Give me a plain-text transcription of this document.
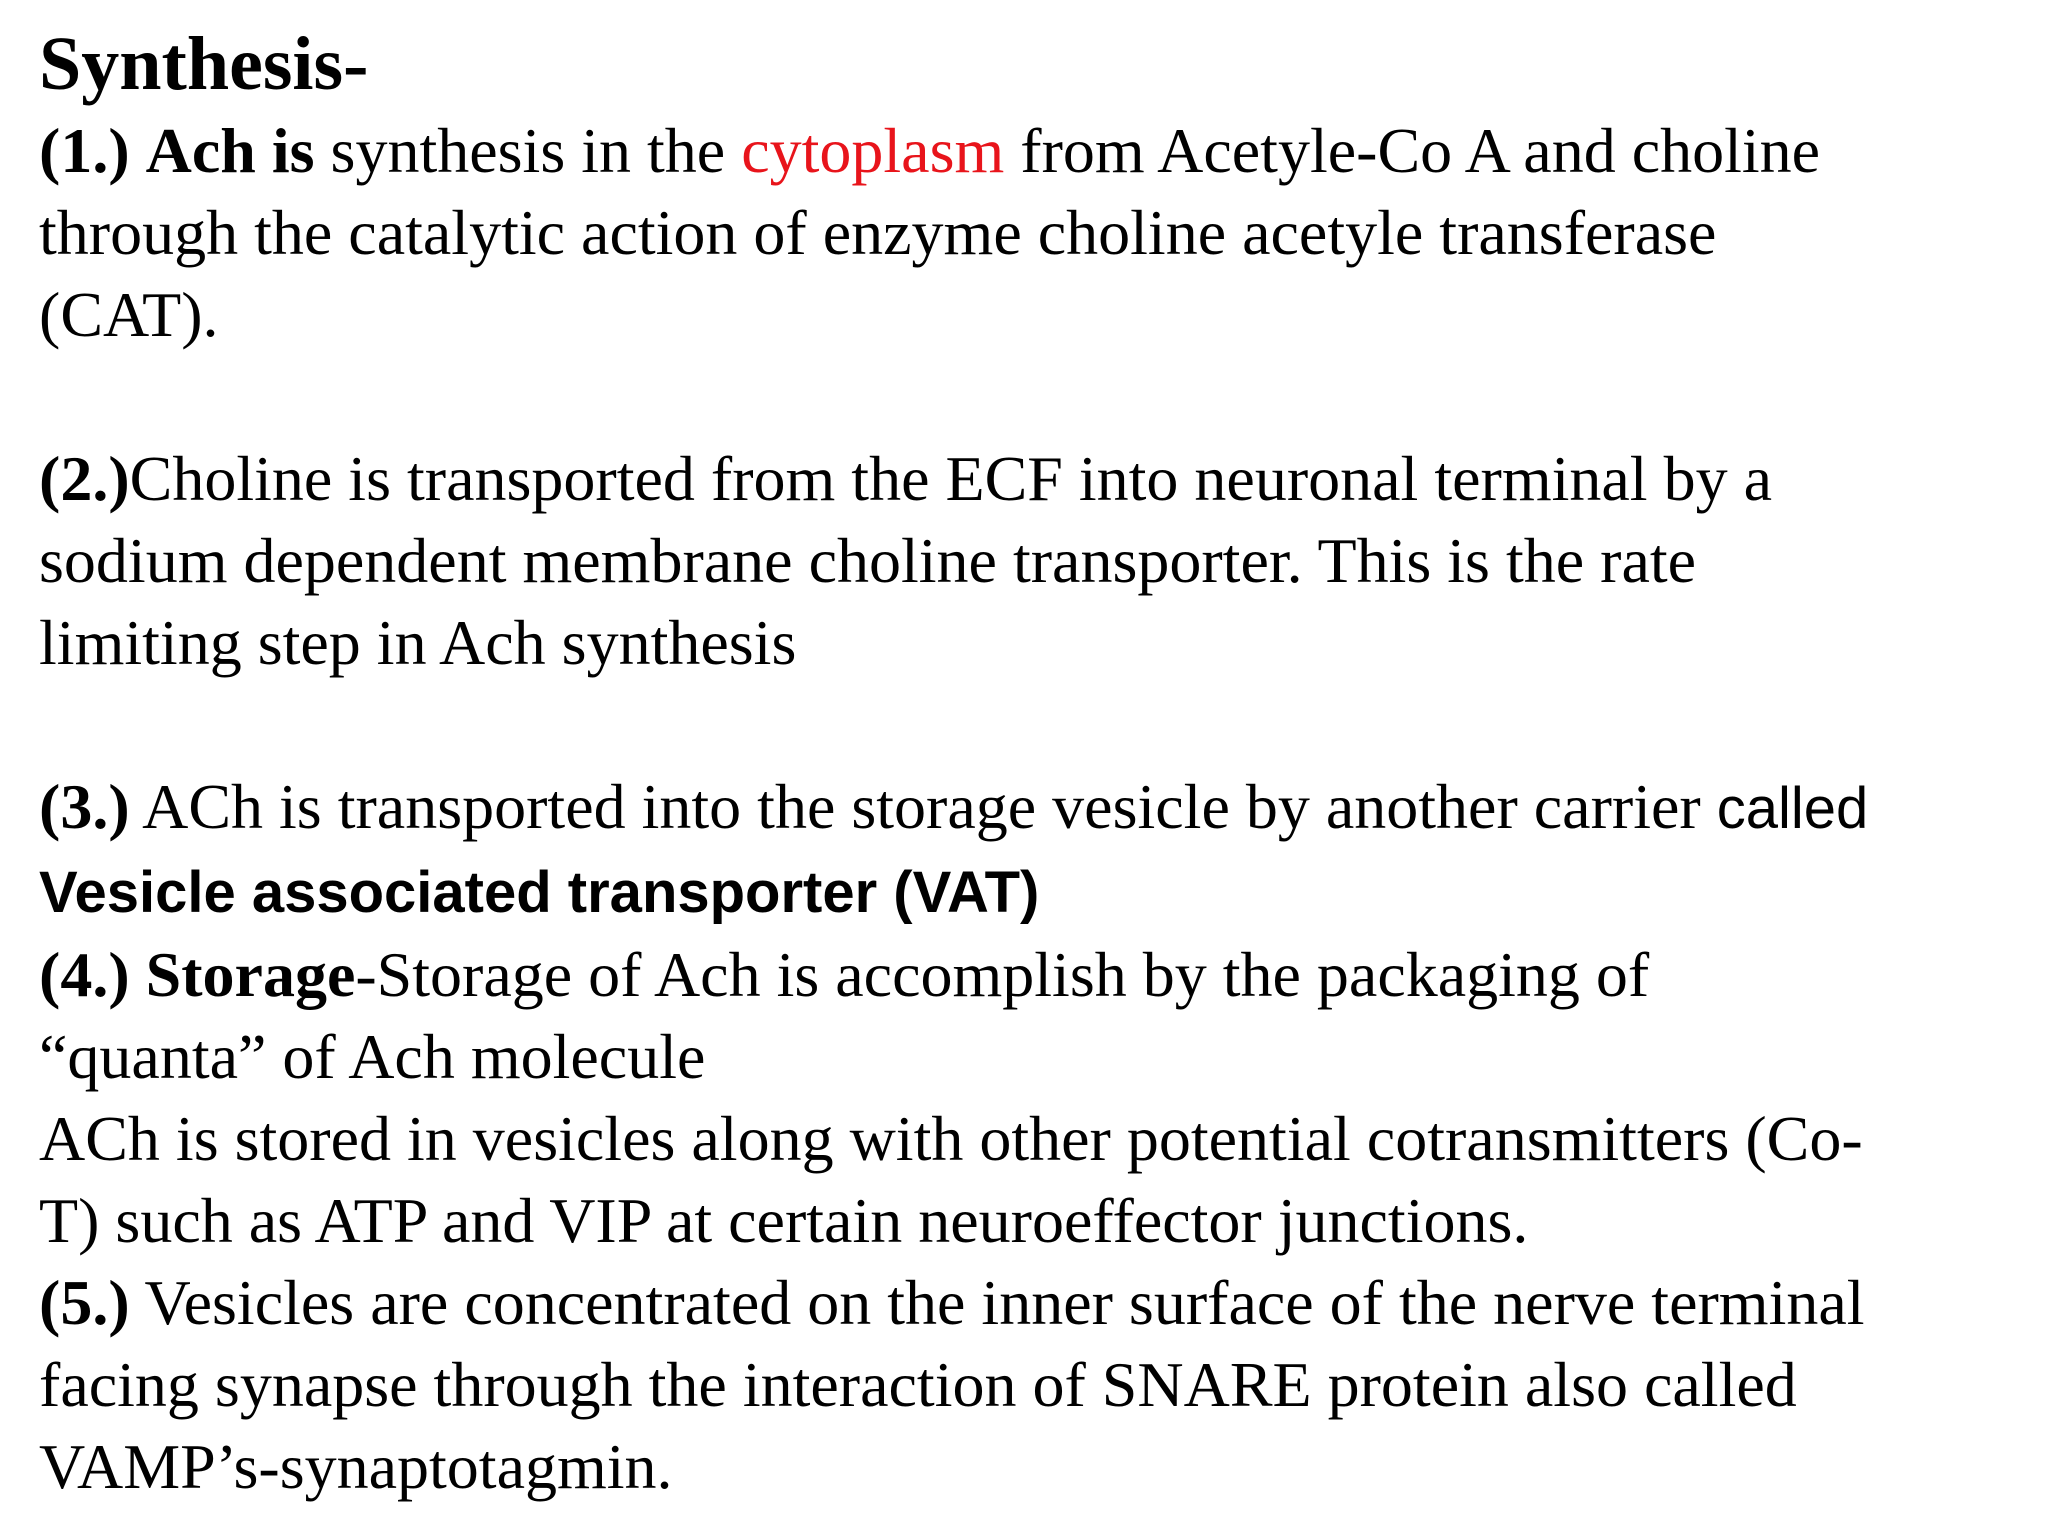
Synthesis-
(1.) Ach is synthesis in the cytoplasm from Acetyle-Co A and choline
through the catalytic action of enzyme choline acetyle transferase
(CAT).
(2.)Choline is transported from the ECF into neuronal terminal by a
sodium dependent membrane choline transporter. This is the rate
limiting step in Ach synthesis
(3.) ACh is transported into the storage vesicle by another carrier called
Vesicle associated transporter (VAT)
(4.) Storage-Storage of Ach is accomplish by the packaging of
“quanta” of Ach molecule
ACh is stored in vesicles along with other potential cotransmitters (Co-
T) such as ATP and VIP at certain neuroeffector junctions.
(5.) Vesicles are concentrated on the inner surface of the nerve terminal
facing synapse through the interaction of SNARE protein also called
VAMP’s-synaptotagmin.
